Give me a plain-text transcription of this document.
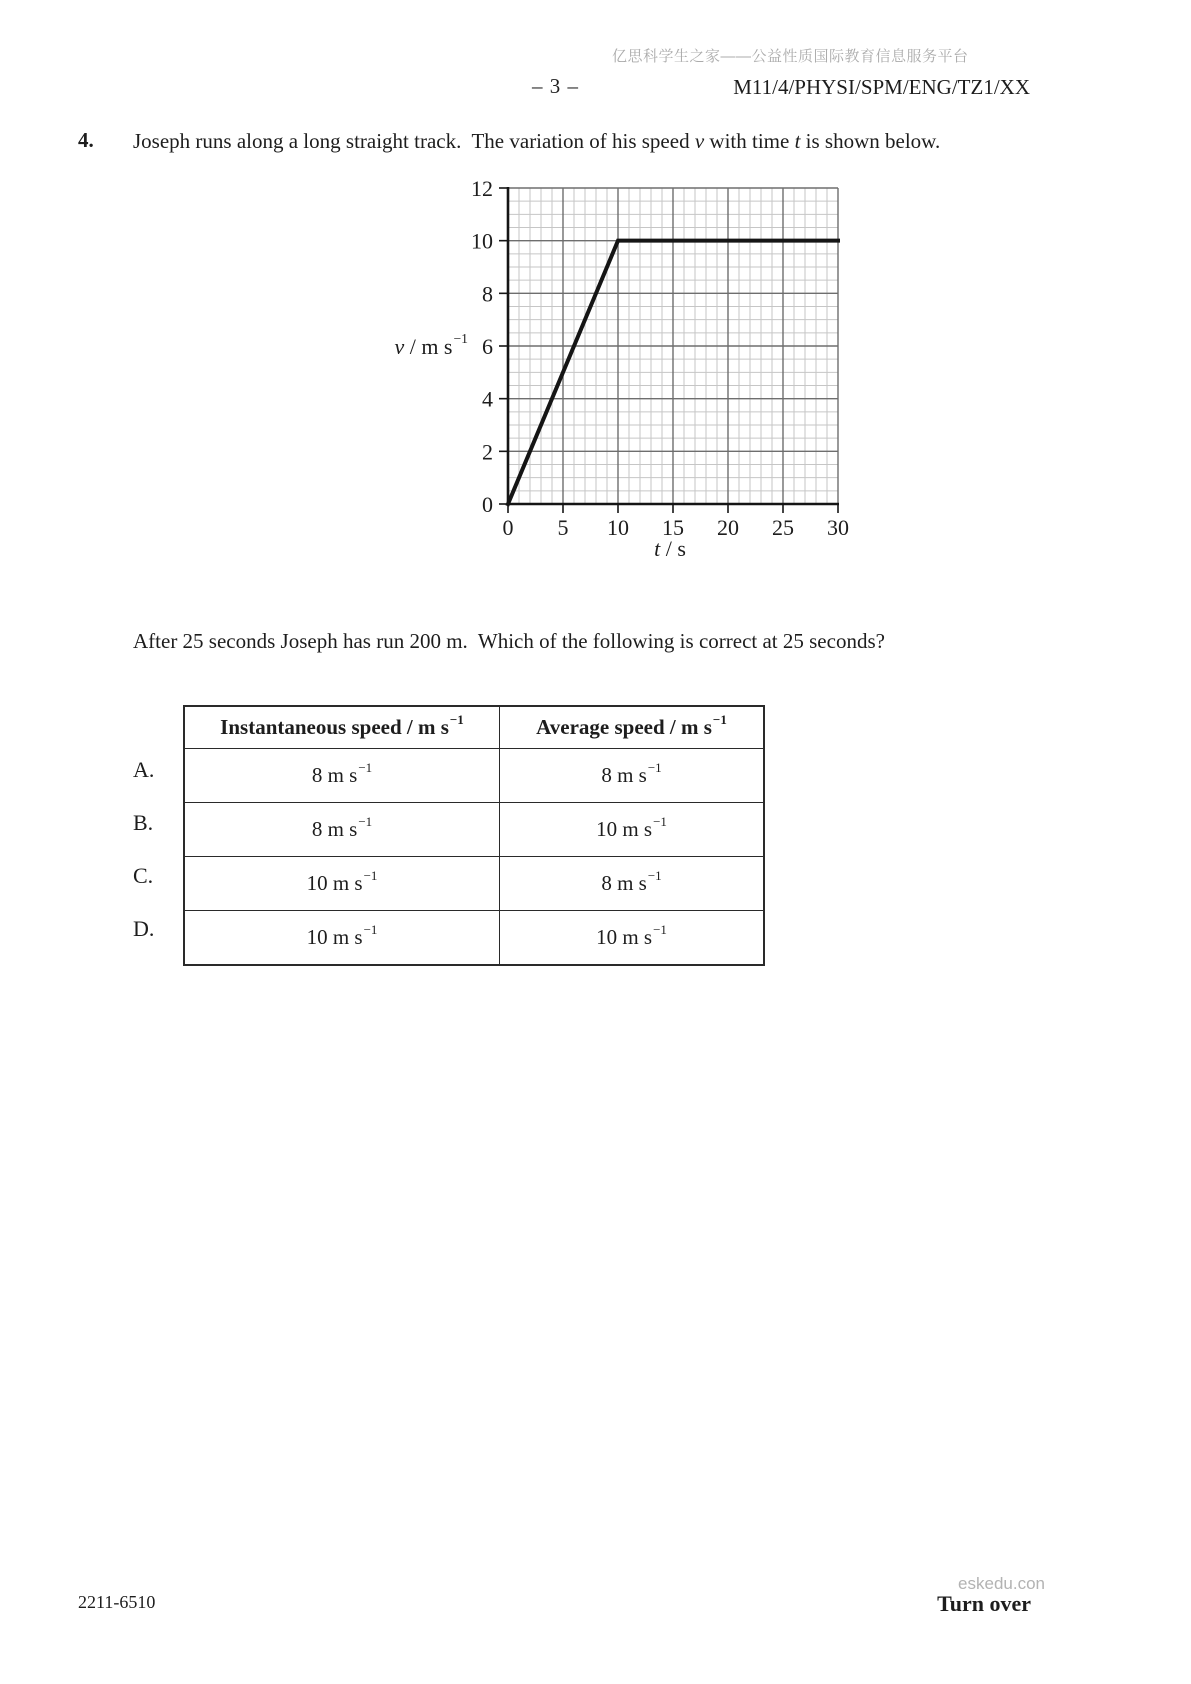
亿思科学生之家——公益性质国际教育信息服务平台
– 3 –	M11/4/PHYSI/SPM/ENG/TZ1/XX
4. Joseph runs along a long straight track.  The variation of his speed v with time t is shown below.
0 5 10 15 20 25 30
0
2
4
6
8
10
12
v / m $s^{-1}$
t / s
After 25 seconds Joseph has run 200 m.  Which of the following is correct at 25 seconds?
A.
B.
C.
D.
Instantaneous speed / m $s^{-1}$	Average speed / m $s^{-1}$
8 m $s^{-1}$	8 m $s^{-1}$
8 m $s^{-1}$	10 m $s^{-1}$
10 m $s^{-1}$	8 m $s^{-1}$
10 m $s^{-1}$	10 m $s^{-1}$
2211-6510
eskedu.con
Turn over
